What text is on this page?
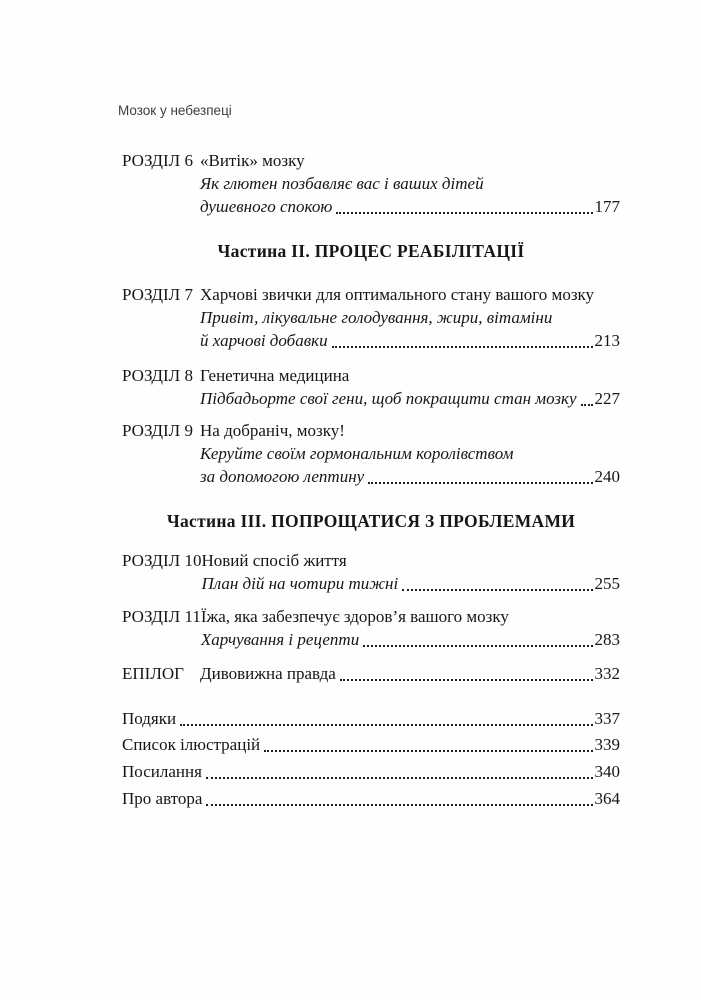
Мозок у небезпеці
РОЗДІЛ 6 «Витік» мозку
Як глютен позбавляє вас і ваших дітей
душевного спокою	177
Частина II. ПРОЦЕС РЕАБІЛІТАЦІЇ
РОЗДІЛ 7 Харчові звички для оптимального стану вашого мозку
Привіт, лікувальне голодування, жири, вітаміни
й харчові добавки	213
РОЗДІЛ 8 Генетична медицина
Підбадьорте свої гени, щоб покращити стан мозку 227
РОЗДІЛ 9 На добраніч, мозку!
Керуйте своїм гормональним королівством
за допомогою лептину	240
Частина III. ПОПРОЩАТИСЯ З ПРОБЛЕМАМИ
РОЗДІЛ 10 Новий спосіб життя
План дій на чотири тижні	255
РОЗДІЛ 11 Їжа, яка забезпечує здоров’я вашого мозку
Харчування і рецепти	283
ЕПІЛОГ Дивовижна правда	332
Подяки	337
Список ілюстрацій	339
Посилання	340
Про автора	364
